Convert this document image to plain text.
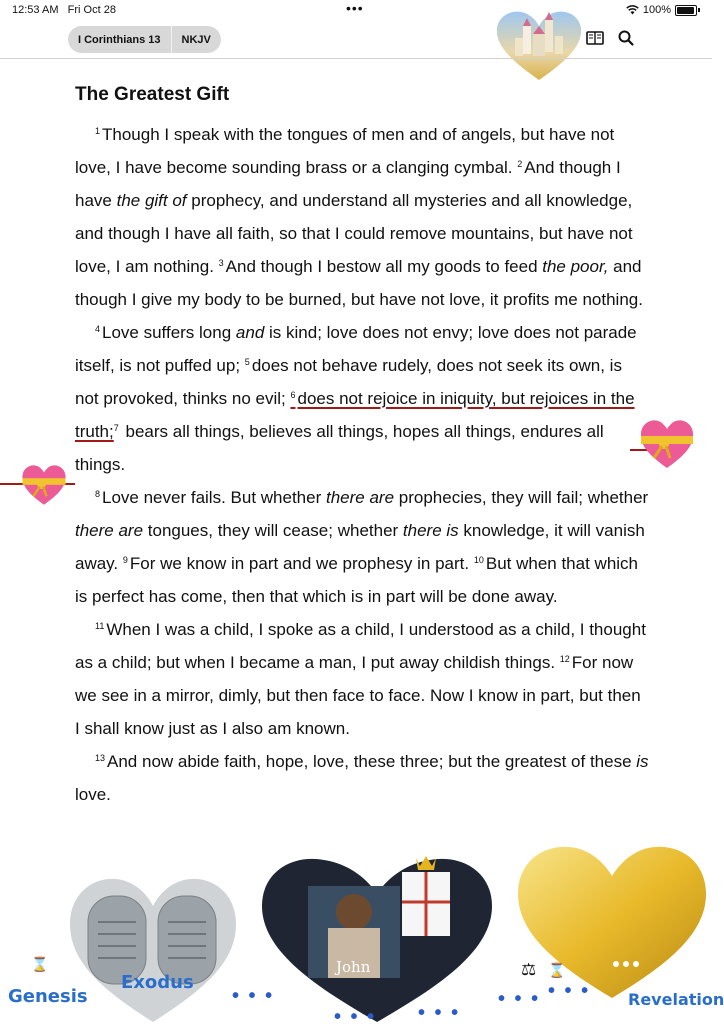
12:53 AM Fri Oct 28	•••	100%
I Corinthians 13	NKJV
The Greatest Gift

$^1$ Though I speak with the tongues of men and of angels, but have not love, I have become sounding brass or a clanging cymbal. $^2$ And though I have the gift of prophecy, and understand all mysteries and all knowledge, and though I have all faith, so that I could remove mountains, but have not love, I am nothing. $^3$ And though I bestow all my goods to feed the poor, and though I give my body to be burned, but have not love, it profits me nothing.

$^4$ Love suffers long and is kind; love does not envy; love does not parade itself, is not puffed up; $^5$ does not behave rudely, does not seek its own, is not provoked, thinks no evil; $^6$ does not rejoice in iniquity, but rejoices in the truth;$^7$ bears all things, believes all things, hopes all things, endures all things.

$^8$ Love never fails. But whether there are prophecies, they will fail; whether there are tongues, they will cease; whether there is knowledge, it will vanish away. $^9$ For we know in part and we prophesy in part. $^{10}$ But when that which is perfect has come, then that which is in part will be done away.

$^{11}$ When I was a child, I spoke as a child, I understood as a child, I thought as a child; but when I became a man, I put away childish things. $^{12}$ For now we see in a mirror, dimly, but then face to face. Now I know in part, but then I shall know just as I also am known.

$^{13}$ And now abide faith, hope, love, these three; but the greatest of these is love.

⌛
Genesis
Exodus
John
Revelation
• • •
• • • • • •
• • • • • •
⚖ ⌛
